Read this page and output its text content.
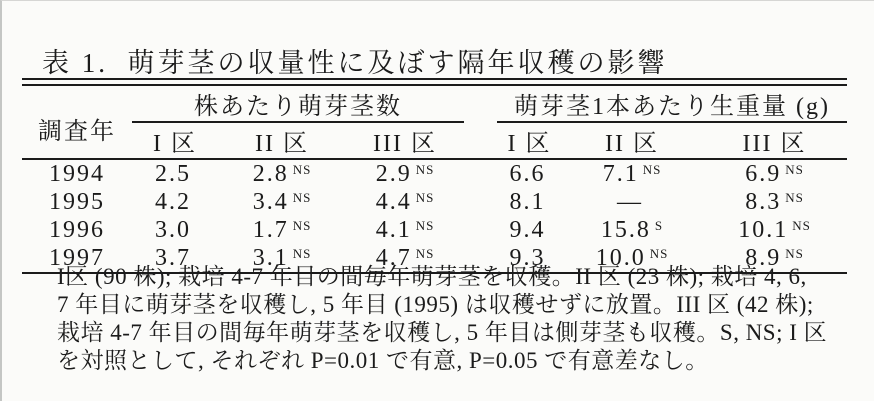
表 1.  萌芽茎の収量性に及ぼす隔年収穫の影響
調査年	株あたり萌芽茎数				萌芽茎1本あたり生重量 (g)		
	I 区	II 区	III 区		I 区	II 区	III 区
1994	2.5	2.8 $^{NS}$	2.9 $^{NS}$		6.6	7.1 $^{NS}$	6.9 $^{NS}$
1995	4.2	3.4 $^{NS}$	4.4 $^{NS}$		8.1	—	8.3 $^{NS}$
1996	3.0	1.7 $^{NS}$	4.1 $^{NS}$		9.4	15.8 $^S$	10.1 $^{NS}$
1997	3.7	3.1 $^{NS}$	4.7 $^{NS}$		9.3	10.0 $^{NS}$	8.9 $^{NS}$
I区 (90 株); 栽培 4-7 年目の間毎年萌芽茎を収穫。II 区 (23 株); 栽培 4, 6,
7 年目に萌芽茎を収穫し, 5 年目 (1995) は収穫せずに放置。III 区 (42 株);
栽培 4-7 年目の間毎年萌芽茎を収穫し, 5 年目は側芽茎も収穫。S, NS; I 区
を対照として, それぞれ P=0.01 で有意, P=0.05 で有意差なし。
